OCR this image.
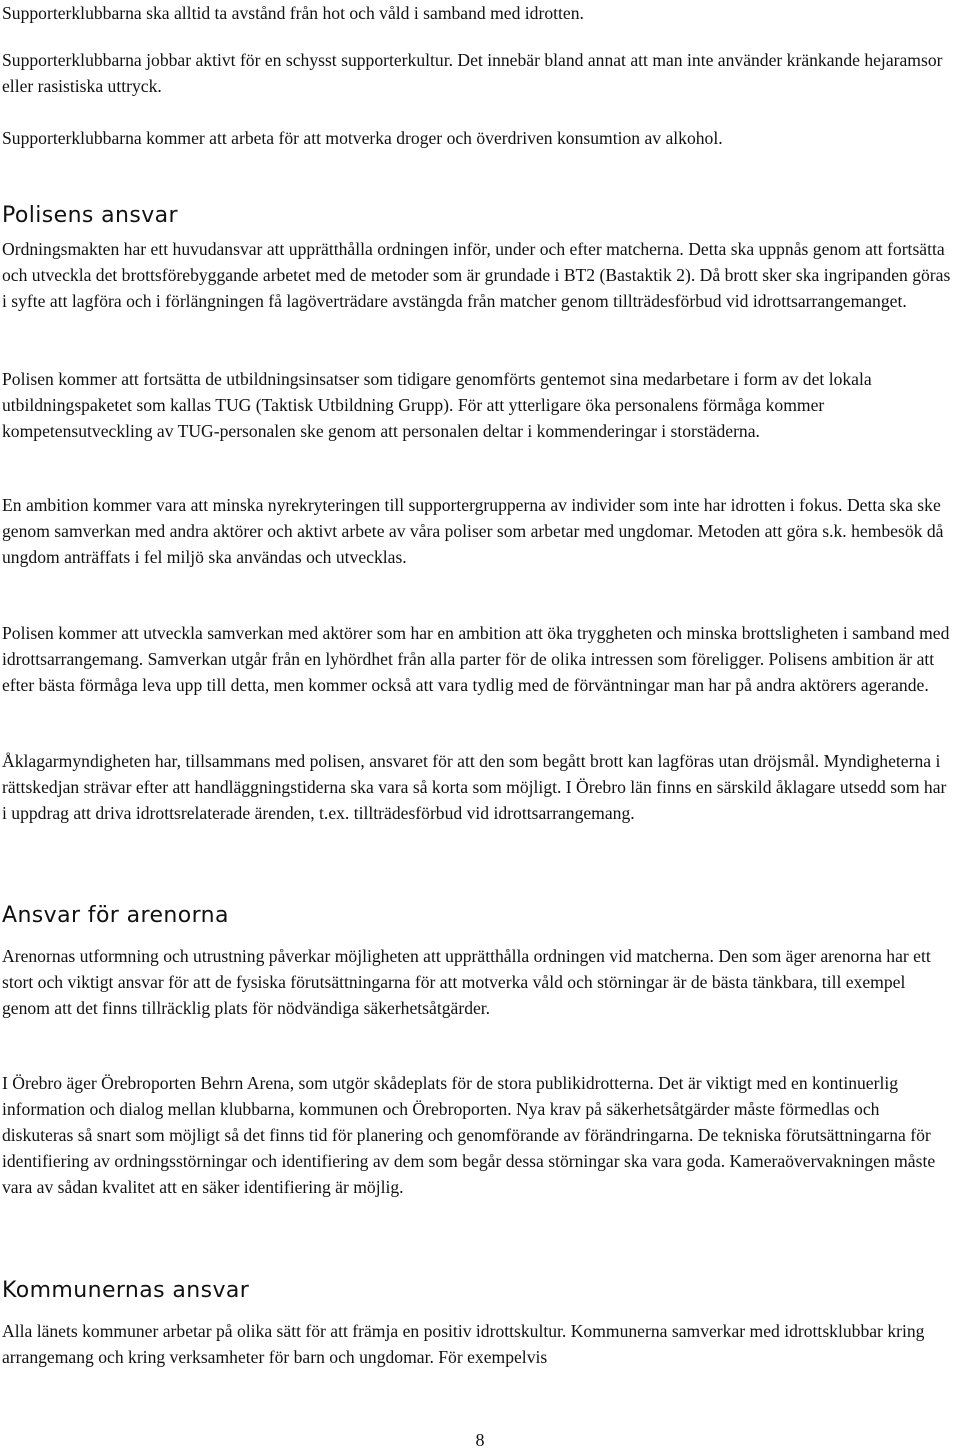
Supporterklubbarna ska alltid ta avstånd från hot och våld i samband med idrotten.

Supporterklubbarna jobbar aktivt för en schysst supporterkultur. Det innebär bland annat att man inte använder kränkande hejaramsor eller rasistiska uttryck.

Supporterklubbarna kommer att arbeta för att motverka droger och överdriven konsumtion av alkohol.

Polisens ansvar

Ordningsmakten har ett huvudansvar att upprätthålla ordningen inför, under och efter matcherna. Detta ska uppnås genom att fortsätta och utveckla det brottsförebyggande arbetet med de metoder som är grundade i BT2 (Bastaktik 2). Då brott sker ska ingripanden göras i syfte att lagföra och i förlängningen få lagöverträdare avstängda från matcher genom tillträdesförbud vid idrottsarrangemanget.

Polisen kommer att fortsätta de utbildningsinsatser som tidigare genomförts gentemot sina medarbetare i form av det lokala utbildningspaketet som kallas TUG (Taktisk Utbildning Grupp). För att ytterligare öka personalens förmåga kommer kompetensutveckling av TUG-personalen ske genom att personalen deltar i kommenderingar i storstäderna.

En ambition kommer vara att minska nyrekryteringen till supportergrupperna av individer som inte har idrotten i fokus. Detta ska ske genom samverkan med andra aktörer och aktivt arbete av våra poliser som arbetar med ungdomar. Metoden att göra s.k. hembesök då ungdom anträffats i fel miljö ska användas och utvecklas.

Polisen kommer att utveckla samverkan med aktörer som har en ambition att öka tryggheten och minska brottsligheten i samband med idrottsarrangemang. Samverkan utgår från en lyhördhet från alla parter för de olika intressen som föreligger. Polisens ambition är att efter bästa förmåga leva upp till detta, men kommer också att vara tydlig med de förväntningar man har på andra aktörers agerande.

Åklagarmyndigheten har, tillsammans med polisen, ansvaret för att den som begått brott kan lagföras utan dröjsmål. Myndigheterna i rättskedjan strävar efter att handläggningstiderna ska vara så korta som möjligt. I Örebro län finns en särskild åklagare utsedd som har i uppdrag att driva idrottsrelaterade ärenden, t.ex. tillträdesförbud vid idrottsarrangemang.

Ansvar för arenorna

Arenornas utformning och utrustning påverkar möjligheten att upprätthålla ordningen vid matcherna. Den som äger arenorna har ett stort och viktigt ansvar för att de fysiska förutsättningarna för att motverka våld och störningar är de bästa tänkbara, till exempel genom att det finns tillräcklig plats för nödvändiga säkerhetsåtgärder.

I Örebro äger Örebroporten Behrn Arena, som utgör skådeplats för de stora publikidrotterna. Det är viktigt med en kontinuerlig information och dialog mellan klubbarna, kommunen och Örebroporten. Nya krav på säkerhetsåtgärder måste förmedlas och diskuteras så snart som möjligt så det finns tid för planering och genomförande av förändringarna. De tekniska förutsättningarna för identifiering av ordningsstörningar och identifiering av dem som begår dessa störningar ska vara goda. Kameraövervakningen måste vara av sådan kvalitet att en säker identifiering är möjlig.

Kommunernas ansvar

Alla länets kommuner arbetar på olika sätt för att främja en positiv idrottskultur. Kommunerna samverkar med idrottsklubbar kring arrangemang och kring verksamheter för barn och ungdomar. För exempelvis

8
